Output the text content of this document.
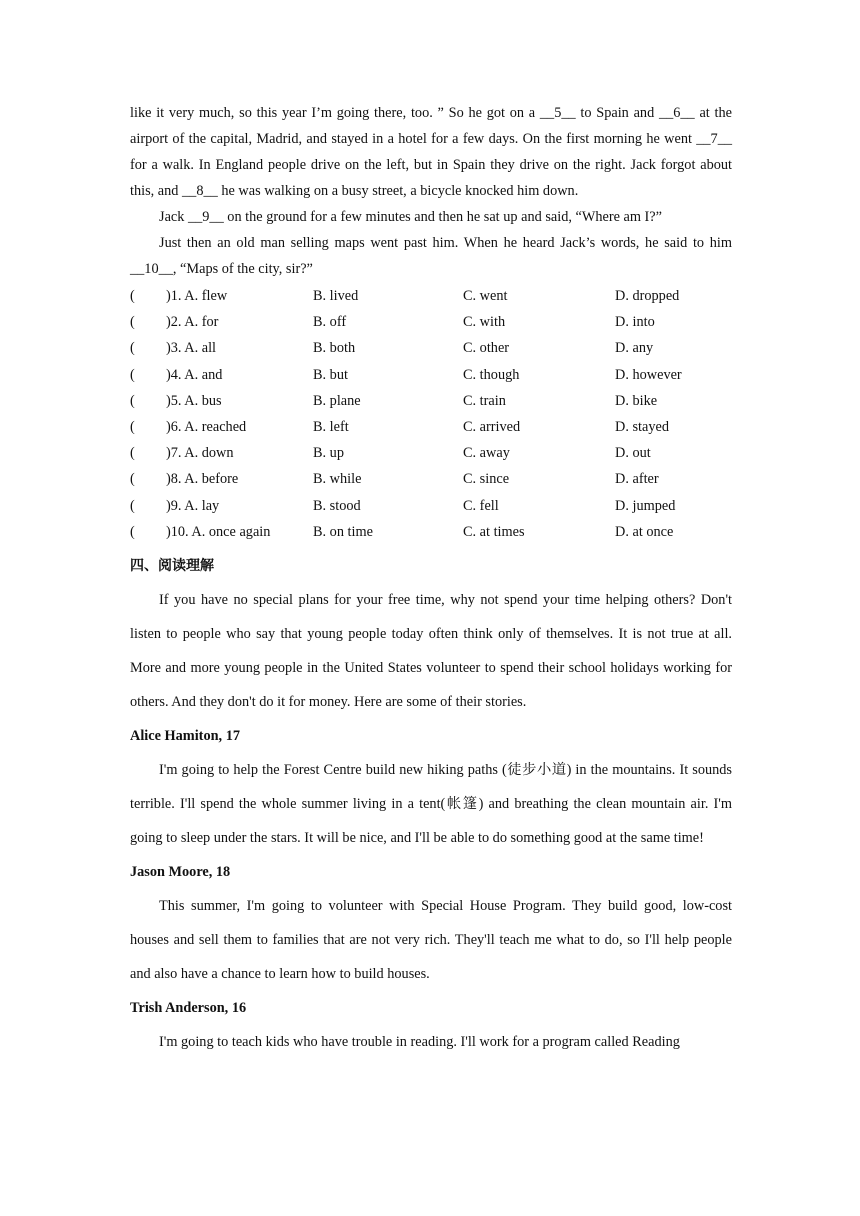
like it very much, so this year I’m going there, too. ” So he got on a __5__ to Spain and __6__ at the airport of the capital, Madrid, and stayed in a hotel for a few days. On the first morning he went __7__ for a walk. In England people drive on the left, but in Spain they drive on the right. Jack forgot about this, and __8__ he was walking on a busy street, a bicycle knocked him down.

Jack __9__ on the ground for a few minutes and then he sat up and said, “Where am I?”

Just then an old man selling maps went past him. When he heard Jack’s words, he said to him __10__, “Maps of the city, sir?”

( )1. A. flew	B. lived	C. went	D. dropped
( )2. A. for	B. off	C. with	D. into
( )3. A. all	B. both	C. other	D. any
( )4. A. and	B. but	C. though	D. however
( )5. A. bus	B. plane	C. train	D. bike
( )6. A. reached	B. left	C. arrived	D. stayed
( )7. A. down	B. up	C. away	D. out
( )8. A. before	B. while	C. since	D. after
( )9. A. lay	B. stood	C. fell	D. jumped
( )10. A. once again	B. on time	C. at times	D. at once

四、阅读理解

If you have no special plans for your free time, why not spend your time helping others? Don't listen to people who say that young people today often think only of themselves. It is not true at all. More and more young people in the United States volunteer to spend their school holidays working for others. And they don't do it for money. Here are some of their stories.

Alice Hamiton, 17

I'm going to help the Forest Centre build new hiking paths (徒步小道) in the mountains. It sounds terrible. I'll spend the whole summer living in a tent(帐篷) and breathing the clean mountain air. I'm going to sleep under the stars. It will be nice, and I'll be able to do something good at the same time!

Jason Moore, 18

This summer, I'm going to volunteer with Special House Program. They build good, low-cost houses and sell them to families that are not very rich. They'll teach me what to do, so I'll help people and also have a chance to learn how to build houses.

Trish Anderson, 16

I'm going to teach kids who have trouble in reading. I'll work for a program called Reading
